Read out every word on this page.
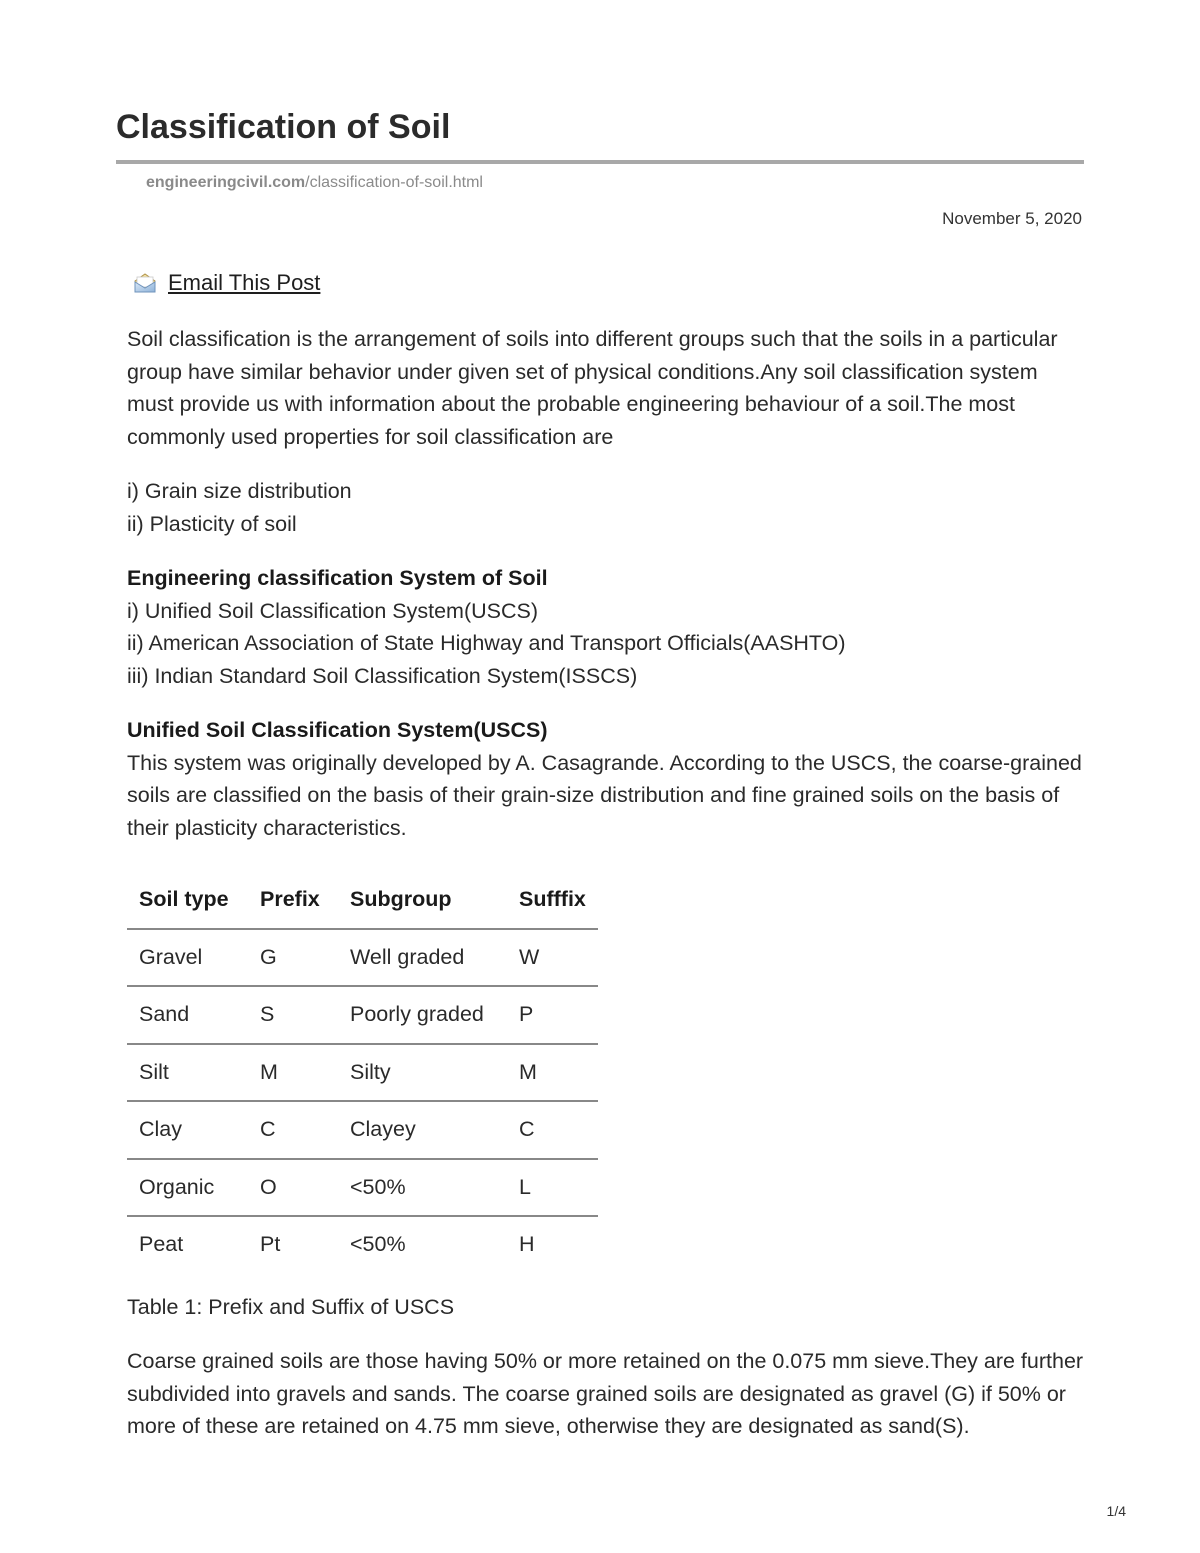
Classification of Soil
engineeringcivil.com/classification-of-soil.html
November 5, 2020
Email This Post

Soil classification is the arrangement of soils into different groups such that the soils in a particular group have similar behavior under given set of physical conditions.Any soil classification system must provide us with information about the probable engineering behaviour of a soil.The most commonly used properties for soil classification are

i) Grain size distribution

ii) Plasticity of soil

Engineering classification System of Soil

i) Unified Soil Classification System(USCS)

ii) American Association of State Highway and Transport Officials(AASHTO)

iii) Indian Standard Soil Classification System(ISSCS)

Unified Soil Classification System(USCS)

This system was originally developed by A. Casagrande. According to the USCS, the coarse-grained soils are classified on the basis of their grain-size distribution and fine grained soils on the basis of their plasticity characteristics.

Soil type	Prefix	Subgroup	Sufffix
Gravel	G	Well graded	W
Sand	S	Poorly graded	P
Silt	M	Silty	M
Clay	C	Clayey	C
Organic	O	<50%	L
Peat	Pt	<50%	H

Table 1: Prefix and Suffix of USCS

Coarse grained soils are those having 50% or more retained on the 0.075 mm sieve.They are further subdivided into gravels and sands. The coarse grained soils are designated as gravel (G) if 50% or more of these are retained on 4.75 mm sieve, otherwise they are designated as sand(S).

1/4
